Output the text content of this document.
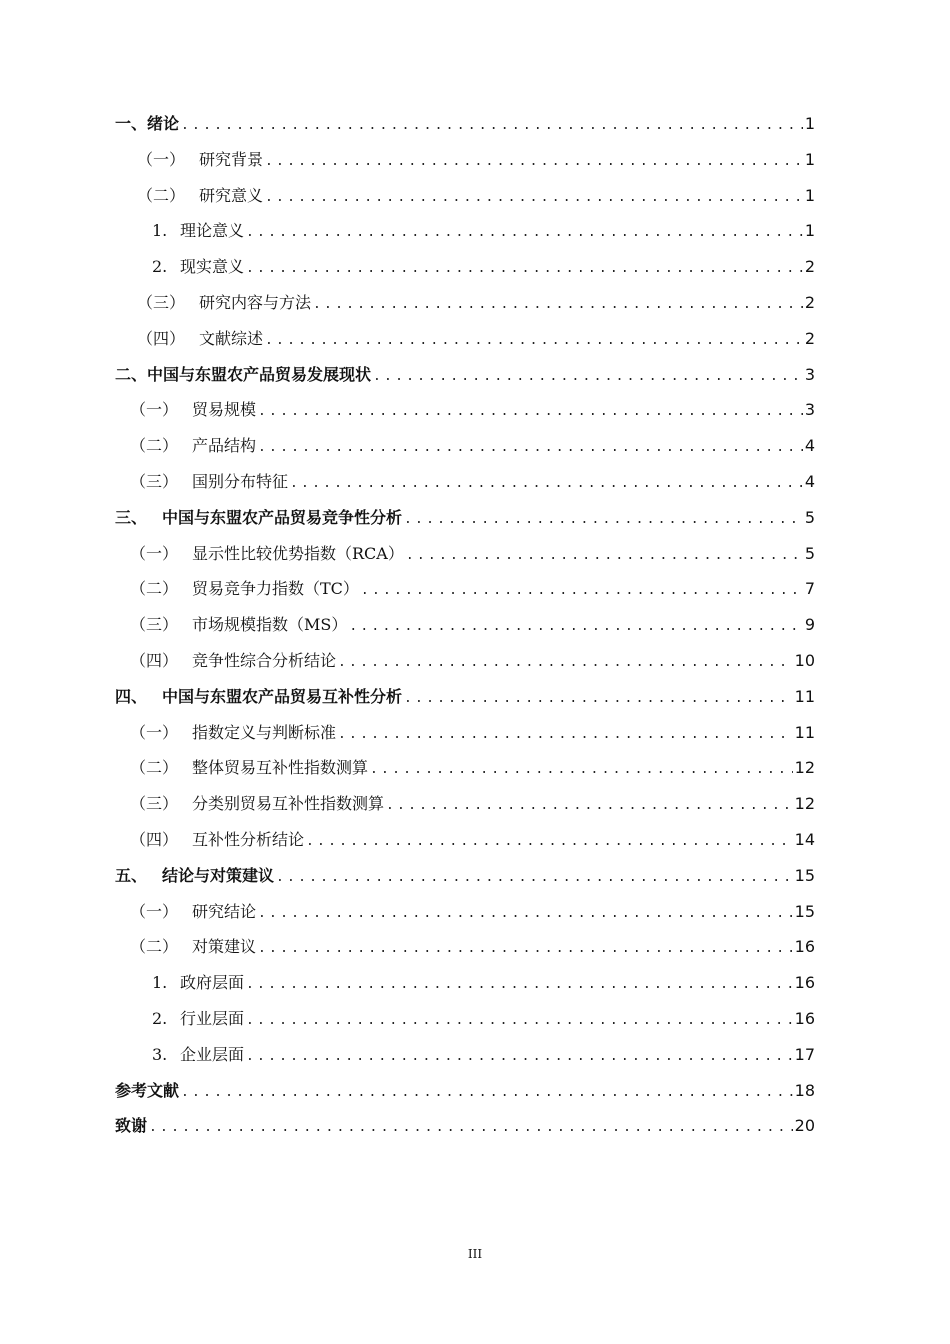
一、 绪论 .....	1
（一） 研究背景 .....	1
（二） 研究意义 .....	1
1. 理论意义 .....	1
2. 现实意义 .....	2
（三） 研究内容与方法 .....	2
（四） 文献综述 .....	2
二、 中国与东盟农产品贸易发展现状 .....	3
（一） 贸易规模 .....	3
（二） 产品结构 .....	4
（三） 国别分布特征 .....	4
三、 中国与东盟农产品贸易竞争性分析 .....	5
（一） 显示性比较优势指数（RCA） .....	5
（二） 贸易竞争力指数（TC） .....	7
（三） 市场规模指数（MS） .....	9
（四） 竞争性综合分析结论 .....	10
四、 中国与东盟农产品贸易互补性分析 .....	11
（一） 指数定义与判断标准 .....	11
（二） 整体贸易互补性指数测算 .....	12
（三） 分类别贸易互补性指数测算 .....	12
（四） 互补性分析结论 .....	14
五、 结论与对策建议 .....	15
（一） 研究结论 .....	15
（二） 对策建议 .....	16
1. 政府层面 .....	16
2. 行业层面 .....	16
3. 企业层面 .....	17
参考文献 .....	18
致谢 .....	20
III
